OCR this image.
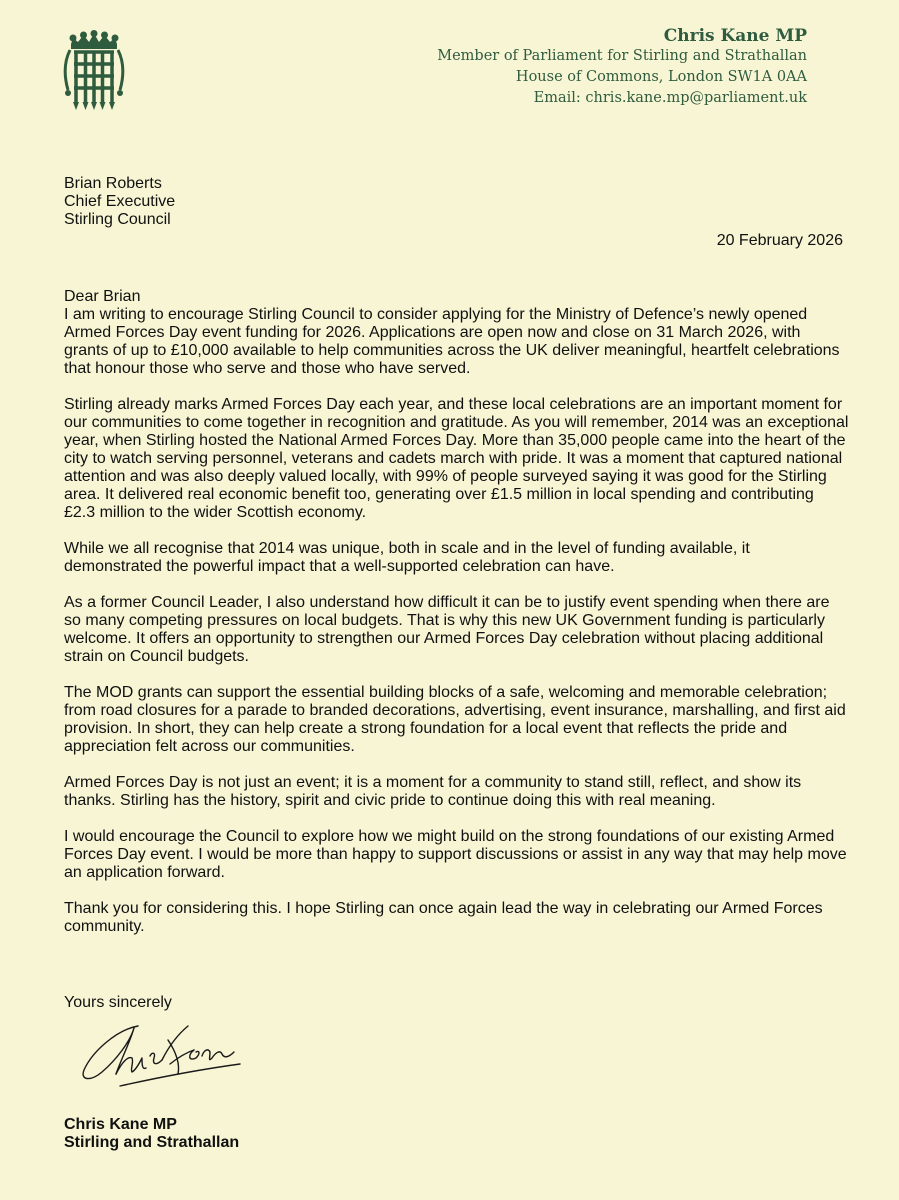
Chris Kane MP
Member of Parliament for Stirling and Strathallan
House of Commons, London SW1A 0AA
Email: chris.kane.mp@parliament.uk
Brian Roberts
Chief Executive
Stirling Council
20 February 2026

Dear Brian

I am writing to encourage Stirling Council to consider applying for the Ministry of Defence’s newly opened Armed Forces Day event funding for 2026. Applications are open now and close on 31 March 2026, with grants of up to £10,000 available to help communities across the UK deliver meaningful, heartfelt celebrations that honour those who serve and those who have served.

Stirling already marks Armed Forces Day each year, and these local celebrations are an important moment for our communities to come together in recognition and gratitude. As you will remember, 2014 was an exceptional year, when Stirling hosted the National Armed Forces Day. More than 35,000 people came into the heart of the city to watch serving personnel, veterans and cadets march with pride. It was a moment that captured national attention and was also deeply valued locally, with 99% of people surveyed saying it was good for the Stirling area. It delivered real economic benefit too, generating over £1.5 million in local spending and contributing £2.3 million to the wider Scottish economy.

While we all recognise that 2014 was unique, both in scale and in the level of funding available, it demonstrated the powerful impact that a well-supported celebration can have.

As a former Council Leader, I also understand how difficult it can be to justify event spending when there are so many competing pressures on local budgets. That is why this new UK Government funding is particularly welcome. It offers an opportunity to strengthen our Armed Forces Day celebration without placing additional strain on Council budgets.

The MOD grants can support the essential building blocks of a safe, welcoming and memorable celebration; from road closures for a parade to branded decorations, advertising, event insurance, marshalling, and first aid provision. In short, they can help create a strong foundation for a local event that reflects the pride and appreciation felt across our communities.

Armed Forces Day is not just an event; it is a moment for a community to stand still, reflect, and show its thanks. Stirling has the history, spirit and civic pride to continue doing this with real meaning.

I would encourage the Council to explore how we might build on the strong foundations of our existing Armed Forces Day event. I would be more than happy to support discussions or assist in any way that may help move an application forward.

Thank you for considering this. I hope Stirling can once again lead the way in celebrating our Armed Forces community.

Yours sincerely
Chris Kane MP
Stirling and Strathallan
